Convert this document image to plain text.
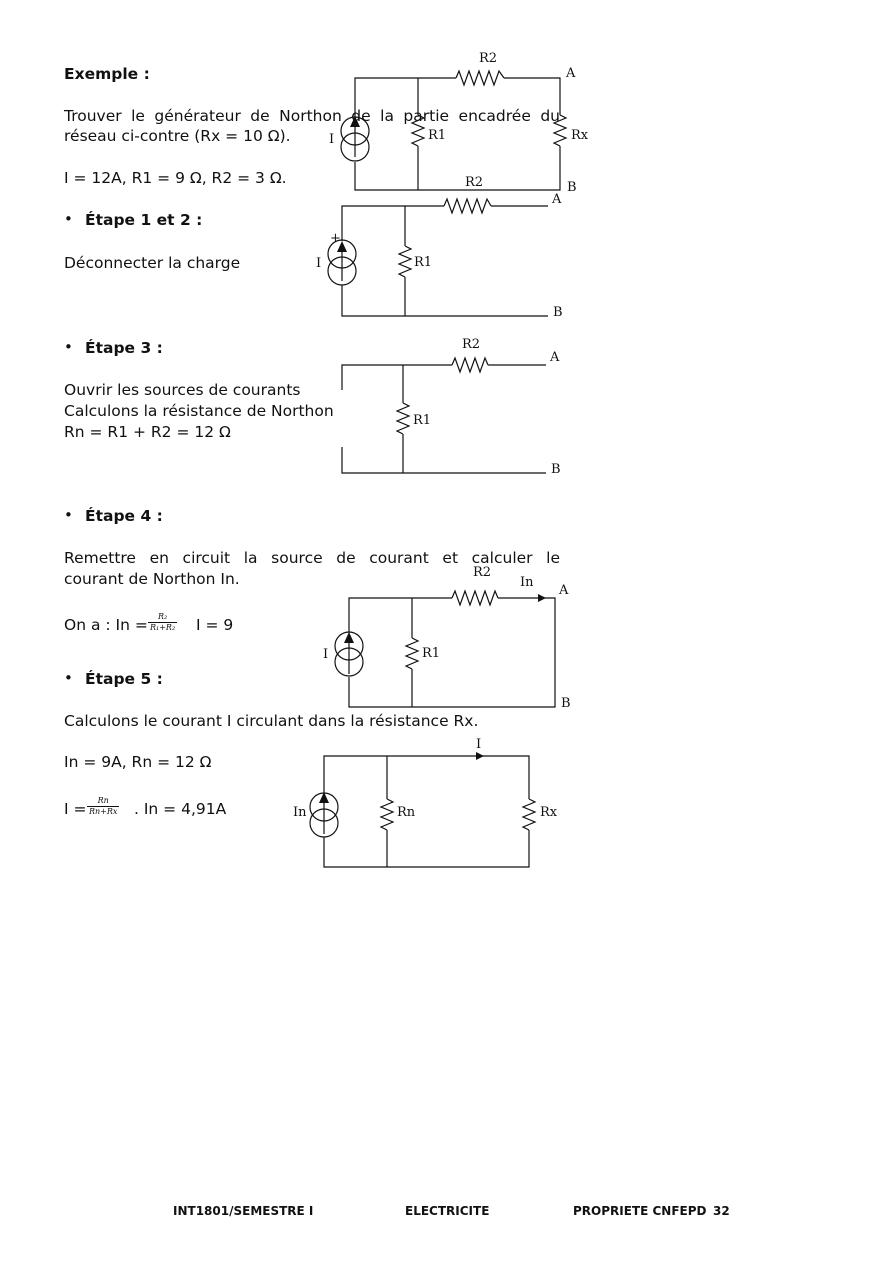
R2
A
R1	Rx
I
B
R2
A
+
I	R1
B
R2
A
R1
B
R2
In
A
I	R1
B
I
In	Rn	Rx
Exemple :
Trouver le générateur de Northon de la partie encadrée du
réseau ci-contre (Rx = 10 Ω).
I = 12A, R1 = 9 Ω, R2 = 3 Ω.
• Étape 1 et 2 :
Déconnecter la charge
• Étape 3 :
Ouvrir les sources de courants
Calculons la résistance de Northon
Rn = R1 + R2 = 12 Ω
• Étape 4 :
Remettre en circuit la source de courant et calculer le
courant de Northon In.
On a : $In = \frac{\text{R₂}}{\text{R₁+R₂}}$ I = 9
• Étape 5 :
Calculons le courant I circulant dans la résistance Rx.
In = 9A, Rn = 12 Ω
$I = \frac{Rn}{Rn+Rx}$ . In = 4,91A
INT1801/SEMESTRE I	ELECTRICITE	PROPRIETE CNFEPD 32
